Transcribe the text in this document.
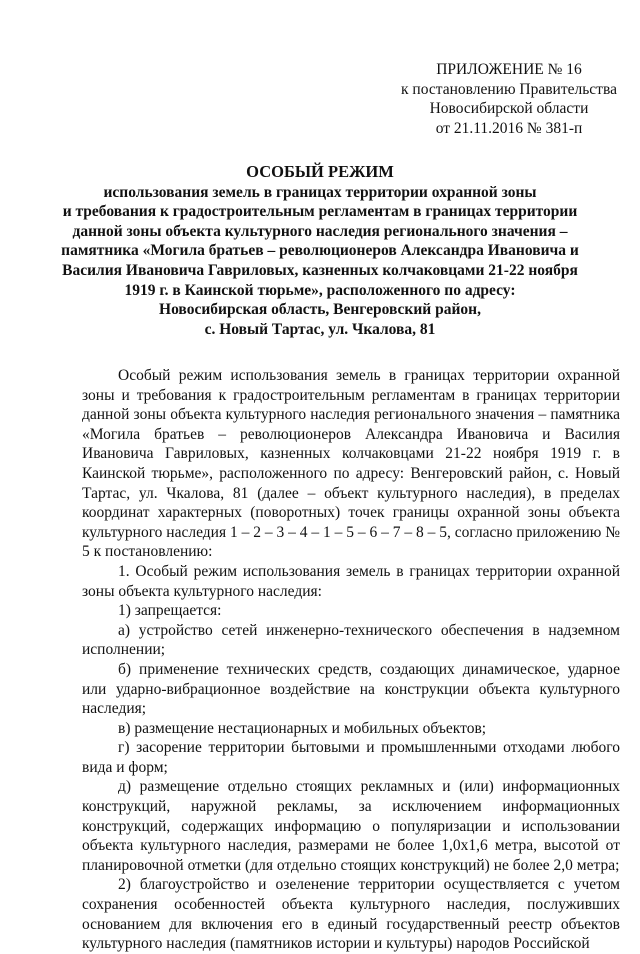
ПРИЛОЖЕНИЕ № 16
к постановлению Правительства
Новосибирской области
от 21.11.2016 № 381-п
ОСОБЫЙ РЕЖИМ
использования земель в границах территории охранной зоны
и требования к градостроительным регламентам в границах территории
данной зоны объекта культурного наследия регионального значения –
памятника «Могила братьев – революционеров Александра Ивановича и
Василия Ивановича Гавриловых, казненных колчаковцами 21-22 ноября
1919 г. в Каинской тюрьме», расположенного по адресу:
Новосибирская область, Венгеровский район,
с. Новый Тартас, ул. Чкалова, 81

Особый режим использования земель в границах территории охранной зоны и требования к градостроительным регламентам в границах территории данной зоны объекта культурного наследия регионального значения – памятника «Могила братьев – революционеров Александра Ивановича и Василия Ивановича Гавриловых, казненных колчаковцами 21-22 ноября 1919 г. в Каинской тюрьме», расположенного по адресу: Венгеровский район, с. Новый Тартас, ул. Чкалова, 81 (далее – объект культурного наследия), в пределах координат характерных (поворотных) точек границы охранной зоны объекта культурного наследия 1 – 2 – 3 – 4 – 1 – 5 – 6 – 7 – 8 – 5, согласно приложению № 5 к постановлению:

1. Особый режим использования земель в границах территории охранной зоны объекта культурного наследия:

1) запрещается:

а) устройство сетей инженерно-технического обеспечения в надземном исполнении;

б) применение технических средств, создающих динамическое, ударное или ударно-вибрационное воздействие на конструкции объекта культурного наследия;

в) размещение нестационарных и мобильных объектов;

г) засорение территории бытовыми и промышленными отходами любого вида и форм;

д) размещение отдельно стоящих рекламных и (или) информационных конструкций, наружной рекламы, за исключением информационных конструкций, содержащих информацию о популяризации и использовании объекта культурного наследия, размерами не более 1,0х1,6 метра, высотой от планировочной отметки (для отдельно стоящих конструкций) не более 2,0 метра;

2) благоустройство и озеленение территории осуществляется с учетом сохранения особенностей объекта культурного наследия, послуживших основанием для включения его в единый государственный реестр объектов культурного наследия (памятников истории и культуры) народов Российской
